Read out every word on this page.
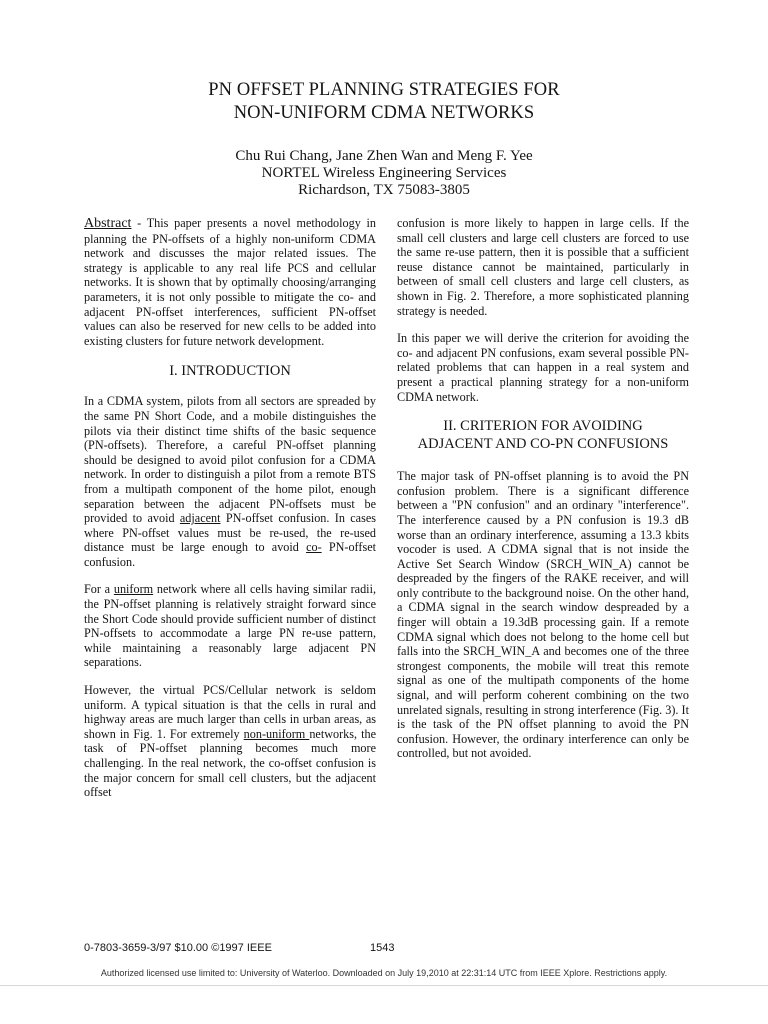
PN OFFSET PLANNING STRATEGIES FOR
NON-UNIFORM CDMA NETWORKS
Chu Rui Chang, Jane Zhen Wan and Meng F. Yee
NORTEL Wireless Engineering Services
Richardson, TX 75083-3805

Abstract - This paper presents a novel methodology in planning the PN-offsets of a highly non-uniform CDMA network and discusses the major related issues. The strategy is applicable to any real life PCS and cellular networks. It is shown that by optimally choosing/arranging parameters, it is not only possible to mitigate the co- and adjacent PN-offset interferences, sufficient PN-offset values can also be reserved for new cells to be added into existing clusters for future network development.

I. INTRODUCTION

In a CDMA system, pilots from all sectors are spreaded by the same PN Short Code, and a mobile distinguishes the pilots via their distinct time shifts of the basic sequence (PN-offsets). Therefore, a careful PN-offset planning should be designed to avoid pilot confusion for a CDMA network. In order to distinguish a pilot from a remote BTS from a multipath component of the home pilot, enough separation between the adjacent PN-offsets must be provided to avoid adjacent PN-offset confusion. In cases where PN-offset values must be re-used, the re-used distance must be large enough to avoid co- PN-offset confusion.

For a uniform network where all cells having similar radii, the PN-offset planning is relatively straight forward since the Short Code should provide sufficient number of distinct PN-offsets to accommodate a large PN re-use pattern, while maintaining a reasonably large adjacent PN separations.

However, the virtual PCS/Cellular network is seldom uniform. A typical situation is that the cells in rural and highway areas are much larger than cells in urban areas, as shown in Fig. 1. For extremely non-uniform networks, the task of PN-offset planning becomes much more challenging. In the real network, the co-offset confusion is the major concern for small cell clusters, but the adjacent offset

confusion is more likely to happen in large cells. If the small cell clusters and large cell clusters are forced to use the same re-use pattern, then it is possible that a sufficient reuse distance cannot be maintained, particularly in between of small cell clusters and large cell clusters, as shown in Fig. 2. Therefore, a more sophisticated planning strategy is needed.

In this paper we will derive the criterion for avoiding the co- and adjacent PN confusions, exam several possible PN-related problems that can happen in a real system and present a practical planning strategy for a non-uniform CDMA network.

II. CRITERION FOR AVOIDING
ADJACENT AND CO-PN CONFUSIONS

The major task of PN-offset planning is to avoid the PN confusion problem. There is a significant difference between a "PN confusion" and an ordinary "interference". The interference caused by a PN confusion is 19.3 dB worse than an ordinary interference, assuming a 13.3 kbits vocoder is used. A CDMA signal that is not inside the Active Set Search Window (SRCH_WIN_A) cannot be despreaded by the fingers of the RAKE receiver, and will only contribute to the background noise. On the other hand, a CDMA signal in the search window despreaded by a finger will obtain a 19.3dB processing gain. If a remote CDMA signal which does not belong to the home cell but falls into the SRCH_WIN_A and becomes one of the three strongest components, the mobile will treat this remote signal as one of the multipath components of the home signal, and will perform coherent combining on the two unrelated signals, resulting in strong interference (Fig. 3). It is the task of the PN offset planning to avoid the PN confusion. However, the ordinary interference can only be controlled, but not avoided.

0-7803-3659-3/97 $10.00 ©1997 IEEE	1543
Authorized licensed use limited to: University of Waterloo. Downloaded on July 19,2010 at 22:31:14 UTC from IEEE Xplore. Restrictions apply.
